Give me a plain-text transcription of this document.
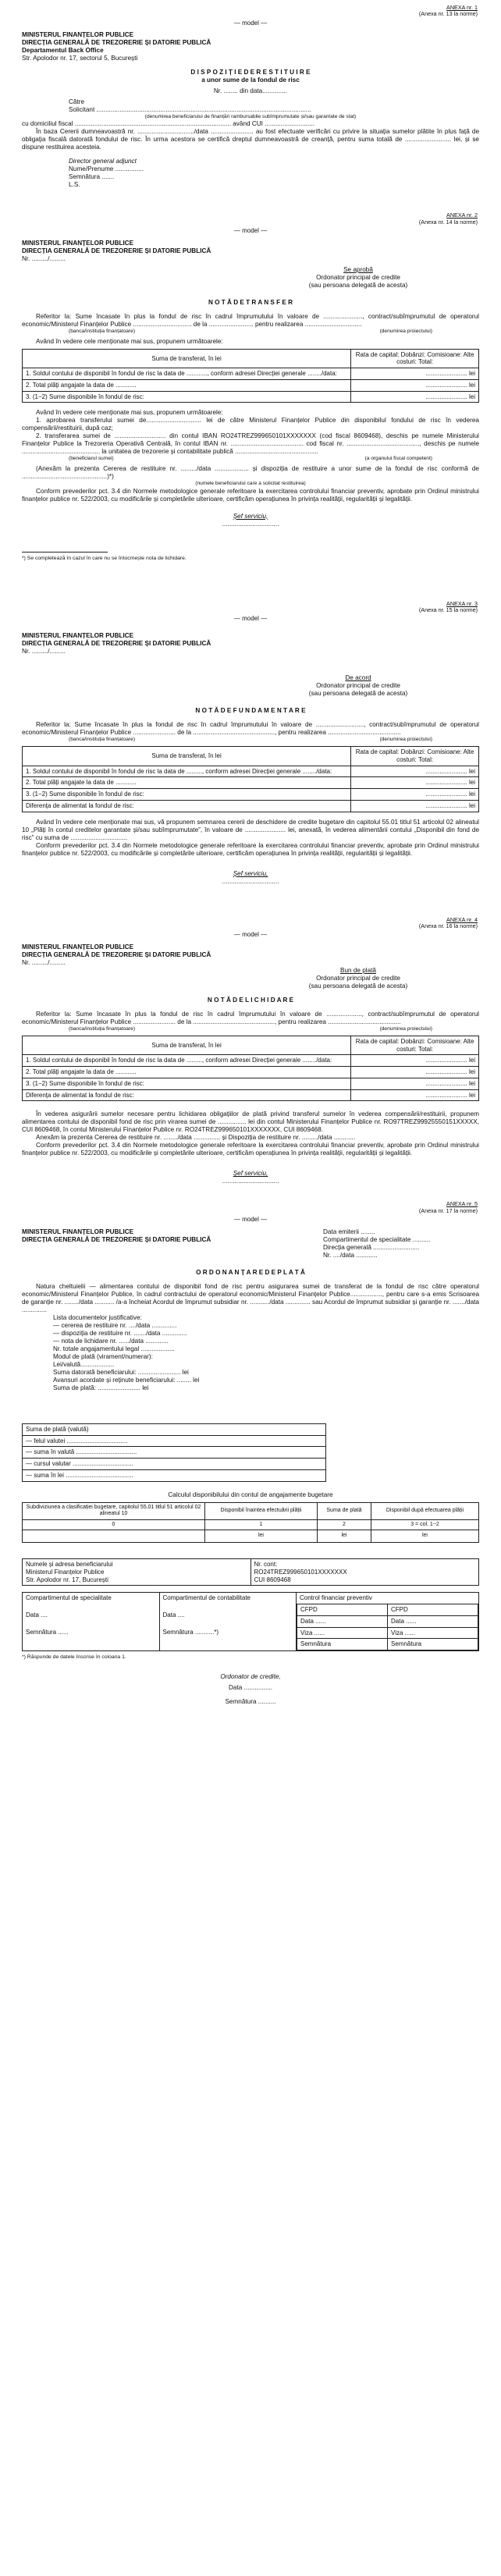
ANEXA nr. 1
(Anexa nr. 13 la norme)
— model —
MINISTERUL FINANȚELOR PUBLICE
DIRECȚIA GENERALĂ DE TREZORERIE ȘI DATORIE PUBLICĂ
Departamentul Back Office
Str. Apolodor nr. 17, sectorul 5, București
D I S P O Z I Ț I E D E R E S T I T U I R E
a unor sume de la fondul de risc
Nr. ........ din data..............
Către
Solicitant .........................................................................................................................
(denumirea beneficiarului de finanțări rambursabile subîmprumutate și/sau garantate de stat)
cu domiciliul fiscal ........................................................................................ având CUI ............................
În baza Cererii dumneavoastră nr. ................................/data ........................ au fost efectuate verificări cu privire la situația sumelor plătite în plus față de obligația fiscală datorată fondului de risc. În urma acestora se certifică dreptul dumneavoastră de creanță, pentru suma totală de .......................... lei, și se dispune restituirea acesteia.
Director general adjunct
Nume/Prenume ................
Semnătura .......
L.S.
ANEXA nr. 2
(Anexa nr. 14 la norme)
— model —
MINISTERUL FINANȚELOR PUBLICE
DIRECȚIA GENERALĂ DE TREZORERIE ȘI DATORIE PUBLICĂ
Nr. ........./.........
Se aprobă
Ordonator principal de credite
(sau persoana delegată de acesta)
N O T Ă D E T R A N S F E R
Referitor la: Sume încasate în plus la fondul de risc în cadrul împrumutului în valoare de ......................, contract/subîmprumutul de operatorul economic/Ministerul Finanțelor Publice ................................. de la ......................... pentru realizarea ................................
(banca/instituția finanțatoare)	(denumirea proiectului)
Având în vedere cele menționate mai sus, propunem următoarele:
Suma de transferat, în lei	Rata de capital: Dobânzi: Comisioane: Alte costuri: Total:
1. Soldul contului de disponibil în fondul de risc la data de ............, conform adresei Direcției generale ......../data:	........................ lei
2. Total plăți angajate la data de ............	........................ lei
3. (1−2) Sume disponibile în fondul de risc:	........................ lei
Având în vedere cele menționate mai sus, propunem următoarele:
1. aprobarea transferului sumei de............................... lei de către Ministerul Finanțelor Publice din disponibilul fondului de risc în vederea compensării/restituirii, după caz;
2. transferarea sumei de ............................. din contul IBAN RO24TREZ999650101XXXXXXX (cod fiscal 8609468), deschis pe numele Ministerului Finanțelor Publice la Trezoreria Operativă Centrală, în contul IBAN nr. ......................................... cod fiscal nr. ........................................., deschis pe numele ............................................ la unitatea de trezorerie și contabilitate publică ...............................................
(beneficiarul sumei)	(a organului fiscal competent)
(Anexăm la prezenta Cererea de restituire nr. ........./data ................... și dispoziția de restituire a unor sume de la fondul de risc conformă de ................................................)*)
(numele beneficiarului care a solicitat restituirea)
Conform prevederilor pct. 3.4 din Normele metodologice generale referitoare la exercitarea controlului financiar preventiv, aprobate prin Ordinul ministrului finanțelor publice nr. 522/2003, cu modificările și completările ulterioare, certificăm operațiunea în privința realității, regularității și legalității.
Șef serviciu,
................................
*) Se completează în cazul în care nu se întocmește nota de lichidare.
ANEXA nr. 3
(Anexa nr. 15 la norme)
— model —
MINISTERUL FINANȚELOR PUBLICE
DIRECȚIA GENERALĂ DE TREZORERIE ȘI DATORIE PUBLICĂ
Nr. ........./.........
De acord
Ordonator principal de credite
(sau persoana delegată de acesta)
N O T Ă D E F U N D A M E N T A R E
Referitor la: Sume încasate în plus la fondul de risc în cadrul împrumutului în valoare de ..........................., contract/subîmprumutul de operatorul economic/Ministerul Finanțelor Publice ........................ de la .............................................., pentru realizarea .........................................
(banca/instituția finanțatoare)	(denumirea proiectului)
Suma de transferat, în lei	Rata de capital: Dobânzi: Comisioane: Alte costuri: Total:
1. Soldul contului de disponibil în fondul de risc la data de ........., conform adresei Direcției generale ......../data:	........................ lei
2. Total plăți angajate la data de ............	........................ lei
3. (1−2) Sume disponibile în fondul de risc:	........................ lei
Diferența de alimentat la fondul de risc:	........................ lei
Având în vedere cele menționate mai sus, vă propunem semnarea cererii de deschidere de credite bugetare din capitolul 55.01 titlul 51 articolul 02 alineatul 10 „Plăți în contul creditelor garantate și/sau subîmprumutate”, în valoare de ....................... lei, anexată, în vederea alimentării contului „Disponibil din fond de risc” cu suma de ................................
Conform prevederilor pct. 3.4 din Normele metodologice generale referitoare la exercitarea controlului financiar preventiv, aprobate prin Ordinul ministrului finanțelor publice nr. 522/2003, cu modificările și completările ulterioare, certificăm operațiunea în privința realității, regularității și legalității.
Șef serviciu,
................................
ANEXA nr. 4
(Anexa nr. 16 la norme)
— model —
MINISTERUL FINANȚELOR PUBLICE
DIRECȚIA GENERALĂ DE TREZORERIE ȘI DATORIE PUBLICĂ
Nr. ........./.........
Bun de plată
Ordonator principal de credite
(sau persoana delegată de acesta)
N O T Ă D E L I C H I D A R E
Referitor la: Sume încasate în plus la fondul de risc în cadrul împrumutului în valoare de ...................., contract/subîmprumutul de operatorul economic/Ministerul Finanțelor Publice ........................ de la .............................................., pentru realizarea .........................................
(banca/instituția finanțatoare)	(denumirea proiectului)
Suma de transferat, în lei	Rata de capital: Dobânzi: Comisioane: Alte costuri: Total:
1. Soldul contului de disponibil în fondul de risc la data de ........., conform adresei Direcției generale ......../data:	........................ lei
2. Total plăți angajate la data de ............	........................ lei
3. (1−2) Sume disponibile în fondul de risc:	........................ lei
Diferența de alimentat la fondul de risc:	........................ lei
În vederea asigurării sumelor necesare pentru lichidarea obligațiilor de plată privind transferul sumelor în vederea compensării/restituirii, propunem alimentarea contului de disponibil fond de risc prin virarea sumei de ................ lei din contul Ministerului Finanțelor Publice nr. RO97TREZ99925550151XXXXX, CUI 8609468, în contul Ministerului Finanțelor Publice nr. RO24TREZ999650101XXXXXXX, CUI 8609468.
Anexăm la prezenta Cererea de restituire nr. ......../data ............... și Dispoziția de restituire nr. ........./data ............
Conform prevederilor pct. 3.4 din Normele metodologice generale referitoare la exercitarea controlului financiar preventiv, aprobate prin Ordinul ministrului finanțelor publice nr. 522/2003, cu modificările și completările ulterioare, certificăm operațiunea în privința realității, regularității și legalității.
Șef serviciu,
................................
ANEXA nr. 5
(Anexa nr. 17 la norme)
— model —
MINISTERUL FINANȚELOR PUBLICE
DIRECȚIA GENERALĂ DE TREZORERIE ȘI DATORIE PUBLICĂ
Data emiterii ........
Compartimentul de specialitate ..........
Direcția generală ..........................
Nr. ..../data ............
O R D O N A N Ț A R E D E P L A T Ă
Natura cheltuielii — alimentarea contului de disponibil fond de risc pentru asigurarea sumei de transferat de la fondul de risc către operatorul economic/Ministerul Finanțelor Publice, în cadrul contractului de operatorul economic/Ministerul Finanțelor Publice.................., pentru care s-a emis Scrisoarea de garanție nr. ......../data ........... /a-a încheiat Acordul de împrumut subsidiar nr. .........../data .............. sau Acordul de împrumut subsidiar și garanție nr. ......./data ..............
Lista documentelor justificative:
— cererea de restituire nr. ..../data ..............
— dispoziția de restituire nr. ......./data ..............
— nota de lichidare nr. ....../data .............
Nr. totale angajamentului legal ...................
Modul de plată (virament/numerar):
Lei/valută...................
Suma datorată beneficiarului: ........................ lei
Avansuri acordate și reținute beneficiarului: ........ lei
Suma de plată: ........................ lei
Suma de plată (valută)
— felul valutei ...................................
— suma în valută ...................................
— cursul valutar ...................................
— suma în lei .......................................
Calculul disponibilului din contul de angajamente bugetare
Subdiviziunea a clasificației bugetare, capitolul 55.01 titlul 51 articolul 02 alineatul 10	Disponibil înaintea efectuării plății	Suma de plată	Disponibil după efectuarea plății
0	1	2	3 = col. 1−2
	lei	lei	lei
Numele și adresa beneficiarului
Ministerul Finanțelor Publice
Str. Apolodor nr. 17, București

Nr. cont:
RO24TREZ999650101XXXXXXX
CUI 8609468
Compartimentul de specialitate
Data ....
Semnătura ......

Compartimentul de contabilitate
Data ....
Semnătura ...........*)

Control financiar preventiv
CFPD	CFPD
Data ......	Data ......
Viza ......	Viza ......
Semnătura	Semnătura
*) Răspunde de datele înscrise în coloana 1.
Ordonator de credite,
Data ................
Semnătura ..........
